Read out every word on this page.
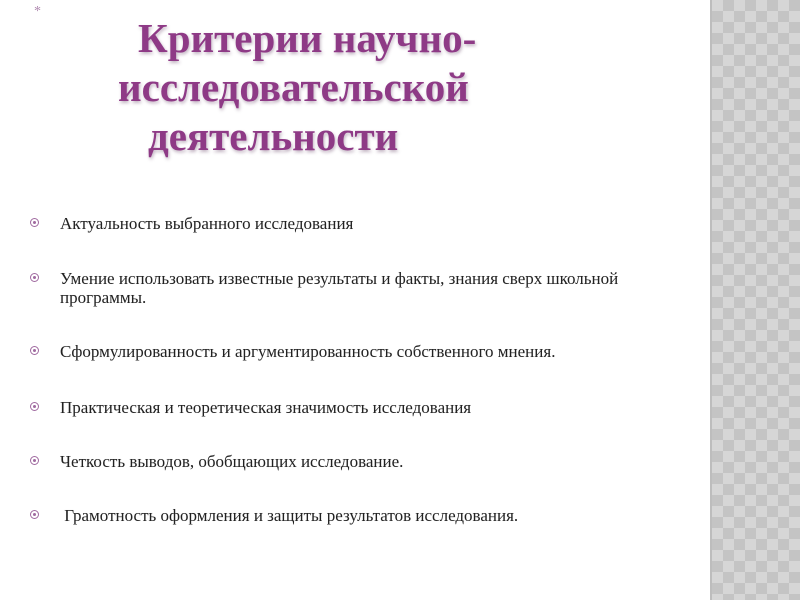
*
Критерии научно-
исследовательской
деятельности
Актуальность выбранного исследования
Умение использовать известные результаты и факты, знания сверх школьной программы.
Сформулированность и аргументированность собственного мнения.
Практическая и теоретическая значимость исследования
Четкость выводов, обобщающих исследование.
Грамотность оформления и защиты результатов исследования.
